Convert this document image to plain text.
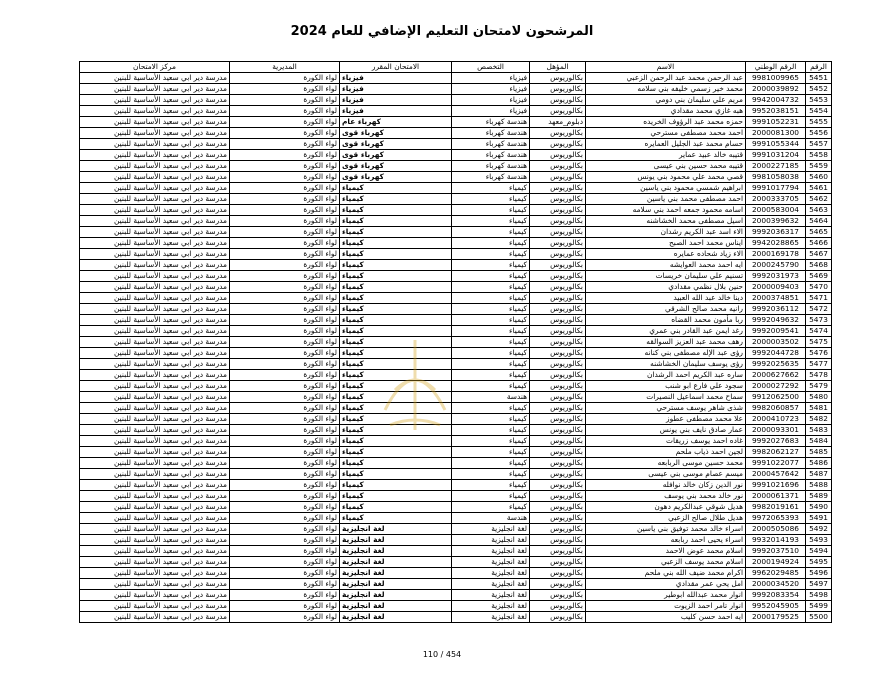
المرشحون لامتحان التعليم الإضافي للعام 2024
الرقم	الرقم الوطني	الاسم	المؤهل	التخصص	الامتحان المقرر	المديرية	مركز الامتحان
5451	9981009965	عبد الرحمن محمد عبد الرحمن الزعبي	بكالوريوس	فيزياء	فيزياء	لواء الكورة	مدرسة دير ابي سعيد الأساسية للبنين
5452	2000039892	محمد خير زسمي خليفه بني سلامه	بكالوريوس	فيزياء	فيزياء	لواء الكورة	مدرسة دير ابي سعيد الأساسية للبنين
5453	9942004732	مريم علي سليمان بني دومي	بكالوريوس	فيزياء	فيزياء	لواء الكورة	مدرسة دير ابي سعيد الأساسية للبنين
5454	9952038151	هبه غازي محمد مقدادي	بكالوريوس	فيزياء	فيزياء	لواء الكورة	مدرسة دير ابي سعيد الأساسية للبنين
5455	9991052231	حمزه محمد عبد الرؤوف الخريده	دبلوم_معهد	هندسة كهرباء	كهرباء عام	لواء الكورة	مدرسة دير ابي سعيد الأساسية للبنين
5456	2000081300	احمد محمد مصطفى مسترحي	بكالوريوس	هندسة كهرباء	كهرباء قوى	لواء الكورة	مدرسة دير ابي سعيد الأساسية للبنين
5457	9991055344	حسام محمد عبد الجليل العمايره	بكالوريوس	هندسة كهرباء	كهرباء قوى	لواء الكورة	مدرسة دير ابي سعيد الأساسية للبنين
5458	9991031204	قتيبه خالد عبيد عماير	بكالوريوس	هندسة كهرباء	كهرباء قوى	لواء الكورة	مدرسة دير ابي سعيد الأساسية للبنين
5459	2000227185	قتيبه محمد حسين بني عيسى	بكالوريوس	هندسة كهرباء	كهرباء قوى	لواء الكورة	مدرسة دير ابي سعيد الأساسية للبنين
5460	9981058038	قصي محمد علي محمود بني يونس	بكالوريوس	هندسة كهرباء	كهرباء قوى	لواء الكورة	مدرسة دير ابي سعيد الأساسية للبنين
5461	9991017794	ابراهيم شمسي محمود بني ياسين	بكالوريوس	كيمياء	كيمياء	لواء الكورة	مدرسة دير ابي سعيد الأساسية للبنين
5462	2000333705	احمد مصطفى محمد بني ياسين	بكالوريوس	كيمياء	كيمياء	لواء الكورة	مدرسة دير ابي سعيد الأساسية للبنين
5463	2000583004	اسامه محمود جمعه احمد بني سلامه	بكالوريوس	كيمياء	كيمياء	لواء الكورة	مدرسة دير ابي سعيد الأساسية للبنين
5464	2000399632	اسيل مصطفى محمد الخشاشنه	بكالوريوس	كيمياء	كيمياء	لواء الكورة	مدرسة دير ابي سعيد الأساسية للبنين
5465	9992036317	الاء اسد عبد الكريم رشدان	بكالوريوس	كيمياء	كيمياء	لواء الكورة	مدرسة دير ابي سعيد الأساسية للبنين
5466	9942028865	ايناس محمد احمد الصبح	بكالوريوس	كيمياء	كيمياء	لواء الكورة	مدرسة دير ابي سعيد الأساسية للبنين
5467	2000169178	الاء زياد شحاده عمايره	بكالوريوس	كيمياء	كيمياء	لواء الكورة	مدرسة دير ابي سعيد الأساسية للبنين
5468	2000245790	ايه احمد محمد العوايشه	بكالوريوس	كيمياء	كيمياء	لواء الكورة	مدرسة دير ابي سعيد الأساسية للبنين
5469	9992031973	تسنيم علي سليمان خريسات	بكالوريوس	كيمياء	كيمياء	لواء الكورة	مدرسة دير ابي سعيد الأساسية للبنين
5470	2000009403	حنين بلال نظمي مقدادي	بكالوريوس	كيمياء	كيمياء	لواء الكورة	مدرسة دير ابي سعيد الأساسية للبنين
5471	2000374851	دينا خالد عبد الله العبيد	بكالوريوس	كيمياء	كيمياء	لواء الكورة	مدرسة دير ابي سعيد الأساسية للبنين
5472	9992036112	رانيه محمد صالح الشرقي	بكالوريوس	كيمياء	كيمياء	لواء الكورة	مدرسة دير ابي سعيد الأساسية للبنين
5473	9992049632	ربا مأمون محمد القضاه	بكالوريوس	كيمياء	كيمياء	لواء الكورة	مدرسة دير ابي سعيد الأساسية للبنين
5474	9992009541	رغد ايمن عبد القادر بني عمري	بكالوريوس	كيمياء	كيمياء	لواء الكورة	مدرسة دير ابي سعيد الأساسية للبنين
5475	2000003502	رهف محمد عبد العزيز السوالقه	بكالوريوس	كيمياء	كيمياء	لواء الكورة	مدرسة دير ابي سعيد الأساسية للبنين
5476	9992044728	رؤى عبد الإله مصطفى بني كنانه	بكالوريوس	كيمياء	كيمياء	لواء الكورة	مدرسة دير ابي سعيد الأساسية للبنين
5477	9992025635	رؤى يوسف سليمان الخشاشنه	بكالوريوس	كيمياء	كيمياء	لواء الكورة	مدرسة دير ابي سعيد الأساسية للبنين
5478	2000627662	ساره عبد الكريم احمد الرشدان	بكالوريوس	كيمياء	كيمياء	لواء الكورة	مدرسة دير ابي سعيد الأساسية للبنين
5479	2000027292	سجود علي فارع ابو شنب	بكالوريوس	كيمياء	كيمياء	لواء الكورة	مدرسة دير ابي سعيد الأساسية للبنين
5480	9912062500	سماح محمد اسماعيل النصيرات	بكالوريوس	هندسة	كيمياء	لواء الكورة	مدرسة دير ابي سعيد الأساسية للبنين
5481	9982060857	شذى شاهر يوسف مسترحي	بكالوريوس	كيمياء	كيمياء	لواء الكورة	مدرسة دير ابي سعيد الأساسية للبنين
5482	2000410723	علا محمد مصطفى عطوز	بكالوريوس	كيمياء	كيمياء	لواء الكورة	مدرسة دير ابي سعيد الأساسية للبنين
5483	2000093301	عمار صادق نايف بني يونس	بكالوريوس	كيمياء	كيمياء	لواء الكورة	مدرسة دير ابي سعيد الأساسية للبنين
5484	9992027683	غاده احمد يوسف زريقات	بكالوريوس	كيمياء	كيمياء	لواء الكورة	مدرسة دير ابي سعيد الأساسية للبنين
5485	9982062127	لجين احمد ذياب ملحم	بكالوريوس	كيمياء	كيمياء	لواء الكورة	مدرسة دير ابي سعيد الأساسية للبنين
5486	9991022077	محمد حسين موسى الربابعه	بكالوريوس	كيمياء	كيمياء	لواء الكورة	مدرسة دير ابي سعيد الأساسية للبنين
5487	2000457642	ميسم عصام موسى بني عيسى	بكالوريوس	كيمياء	كيمياء	لواء الكورة	مدرسة دير ابي سعيد الأساسية للبنين
5488	9991021696	نور الدين زكان خالد نوافله	بكالوريوس	كيمياء	كيمياء	لواء الكورة	مدرسة دير ابي سعيد الأساسية للبنين
5489	2000061371	نور خالد محمد بني يوسف	بكالوريوس	كيمياء	كيمياء	لواء الكورة	مدرسة دير ابي سعيد الأساسية للبنين
5490	9982019161	هديل شوقي عبدالكريم دهون	بكالوريوس	كيمياء	كيمياء	لواء الكورة	مدرسة دير ابي سعيد الأساسية للبنين
5491	9972065393	هديل طلال صالح الزعبي	بكالوريوس	هندسة	كيمياء	لواء الكورة	مدرسة دير ابي سعيد الأساسية للبنين
5492	2000505086	اسراء خالد محمد توفيق بني ياسين	بكالوريوس	لغة انجليزية	لغة انجليزية	لواء الكورة	مدرسة دير ابي سعيد الأساسية للبنين
5493	9932014193	اسراء يحيى احمد ربابعه	بكالوريوس	لغة انجليزية	لغة انجليزية	لواء الكورة	مدرسة دير ابي سعيد الأساسية للبنين
5494	9992037510	اسلام محمد عوض الاحمد	بكالوريوس	لغة انجليزية	لغة انجليزية	لواء الكورة	مدرسة دير ابي سعيد الأساسية للبنين
5495	2000194924	اسلام محمد يوسف الزعبي	بكالوريوس	لغة انجليزية	لغة انجليزية	لواء الكورة	مدرسة دير ابي سعيد الأساسية للبنين
5496	9962029485	اكرام محمد ضيف الله بني ملحم	بكالوريوس	لغة انجليزية	لغة انجليزية	لواء الكورة	مدرسة دير ابي سعيد الأساسية للبنين
5497	2000034520	امل يحي عمر مقدادي	بكالوريوس	لغة انجليزية	لغة انجليزية	لواء الكورة	مدرسة دير ابي سعيد الأساسية للبنين
5498	9992083354	انوار محمد عبدالله ابوطير	بكالوريوس	لغة انجليزية	لغة انجليزية	لواء الكورة	مدرسة دير ابي سعيد الأساسية للبنين
5499	9952045905	انوار تامر احمد الزيوت	بكالوريوس	لغة انجليزية	لغة انجليزية	لواء الكورة	مدرسة دير ابي سعيد الأساسية للبنين
5500	2000179525	ايه احمد حسن كليب	بكالوريوس	لغة انجليزية	لغة انجليزية	لواء الكورة	مدرسة دير ابي سعيد الأساسية للبنين
110 / 454
